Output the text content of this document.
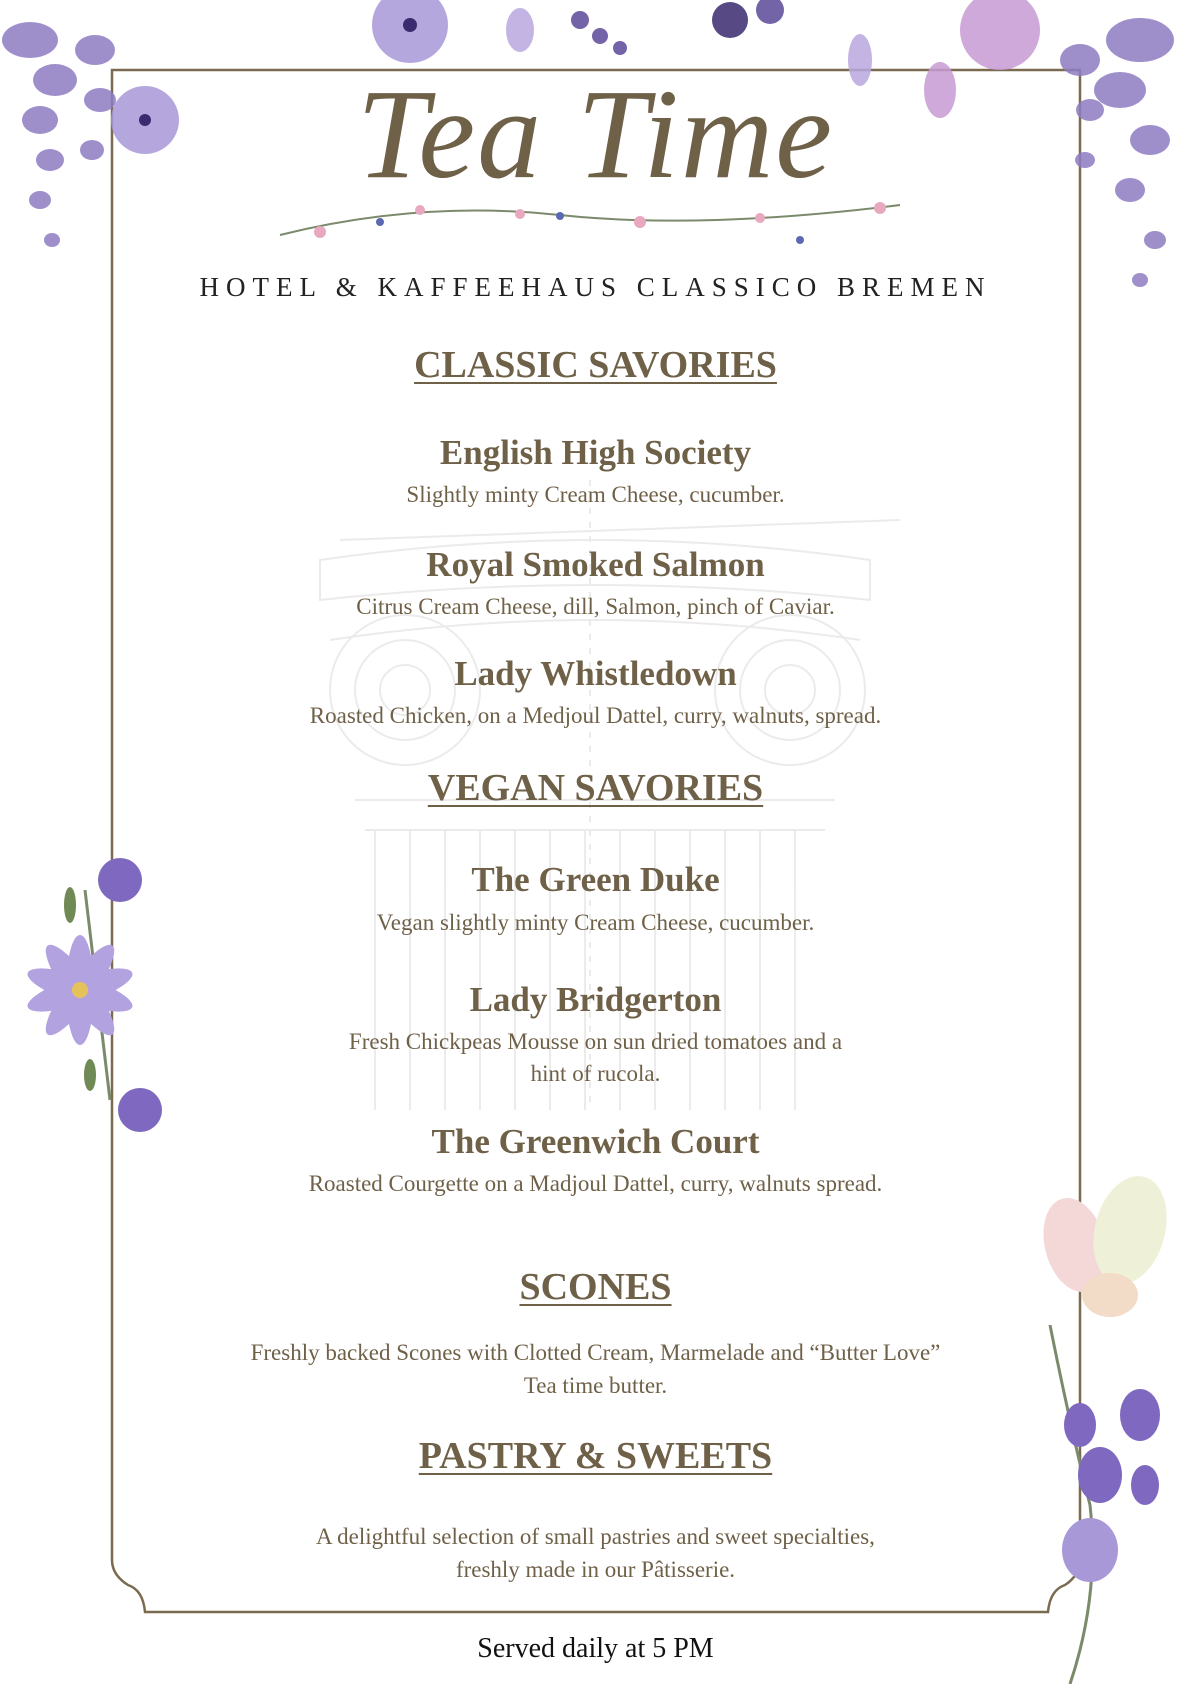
Tea Time
HOTEL & KAFFEEHAUS CLASSICO BREMEN
CLASSIC SAVORIES
English High Society
Slightly minty Cream Cheese, cucumber.
Royal Smoked Salmon
Citrus Cream Cheese, dill, Salmon, pinch of Caviar.
Lady Whistledown
Roasted Chicken, on a Medjoul Dattel, curry, walnuts, spread.
VEGAN SAVORIES
The Green Duke
Vegan slightly minty Cream Cheese, cucumber.
Lady Bridgerton
Fresh Chickpeas Mousse on sun dried tomatoes and a
hint of rucola.
The Greenwich Court
Roasted Courgette on a Madjoul Dattel, curry, walnuts spread.
SCONES
Freshly backed Scones with Clotted Cream, Marmelade and “Butter Love”
Tea time butter.
PASTRY & SWEETS
A delightful selection of small pastries and sweet specialties,
freshly made in our Pâtisserie.
Served daily at 5 PM
